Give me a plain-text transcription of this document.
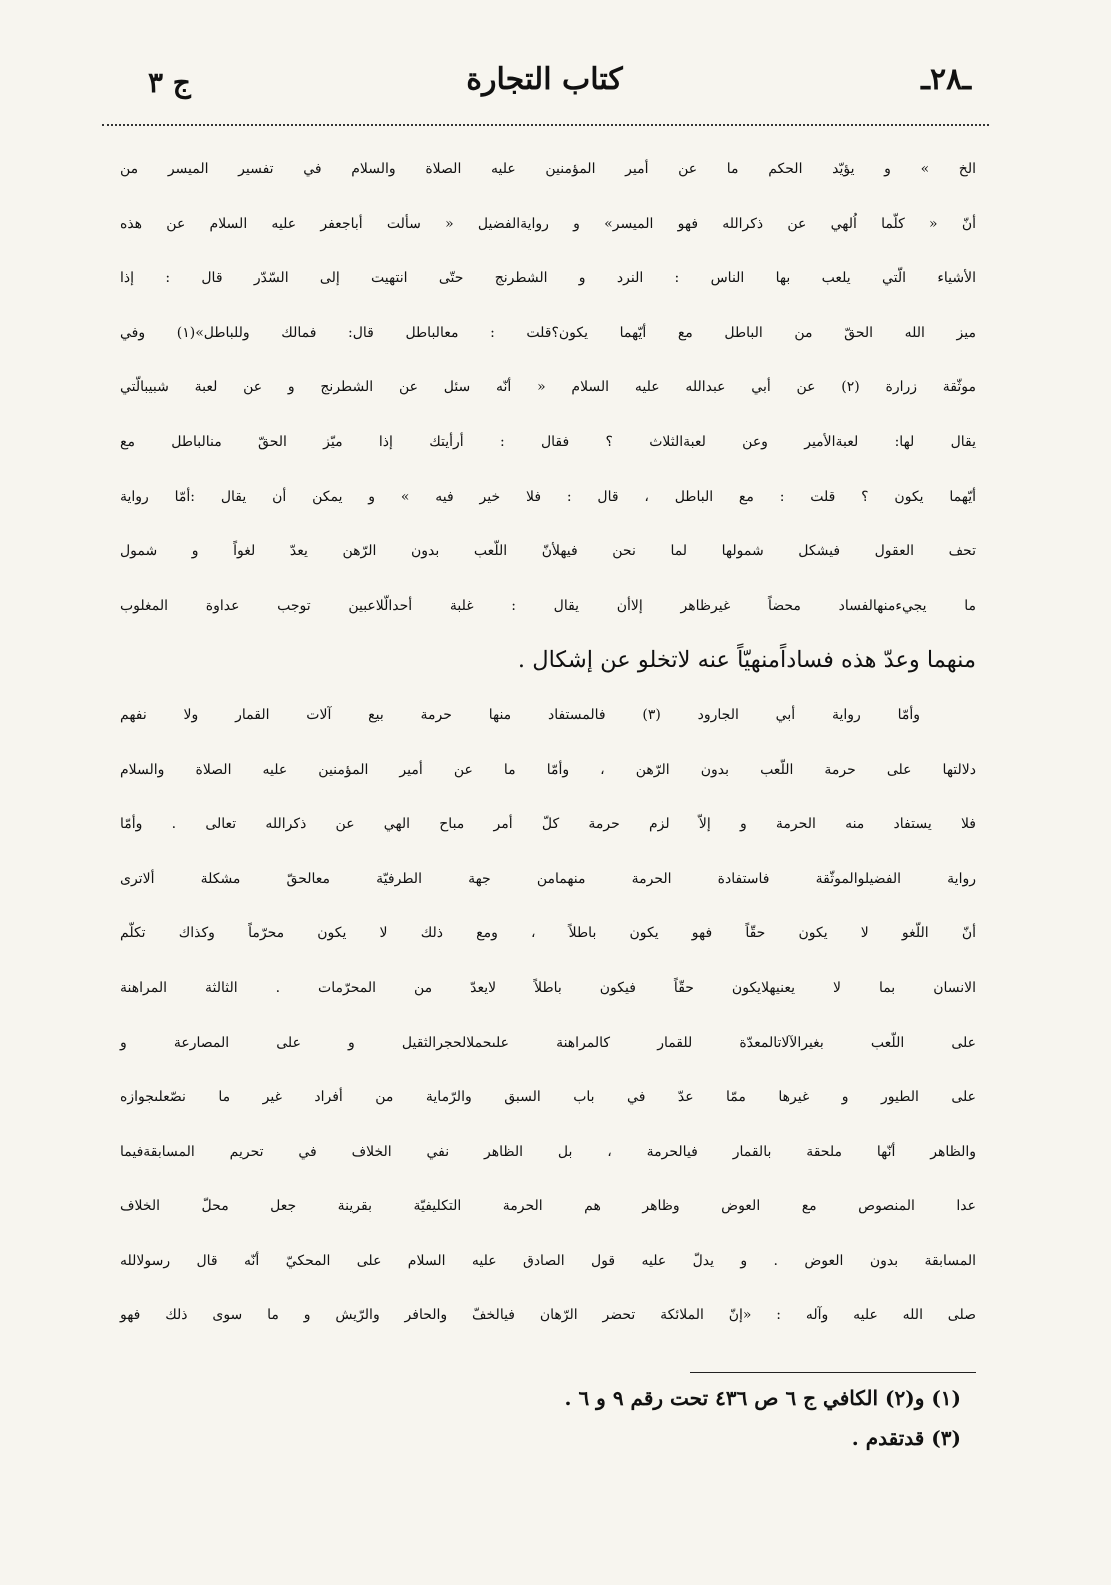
ـ٢٨ـ
كتاب التجارة
ج ٣
الخ » و يؤيّد الحكم ما عن أمير المؤمنين عليه الصلاة والسلام في تفسير الميسر من
أنّ « كلّما اُلهي عن ذكرالله فهو الميسر» و روايةالفضيل « سألت أباجعفر عليه السلام عن هذه
الأشياء الّتي يلعب بها الناس : النرد و الشطرنج حتّى انتهيت إلى السّدّر قال : إذا
ميز الله الحقّ من الباطل مع أيّهما يكون؟قلت : معالباطل قال: فمالك وللباطل»(١) وفي
موثّقة زرارة (٢) عن أبي عبدالله عليه السلام « أنّه سئل عن الشطرنج و عن لعبة شبيبالّتي
يقال لها: لعبةالأمير وعن لعبةالثلاث ؟ فقال : أرأيتك إذا ميّز الحقّ منالباطل مع
أيّهما يكون ؟ قلت : مع الباطل ، قال : فلا خير فيه » و يمكن أن يقال :أمّا رواية
تحف العقول فيشكل شمولها لما نحن فيهلأنّ اللّعب بدون الرّهن يعدّ لغواً و شمول
ما يجيءمنهالفساد محضاً غيرظاهر إلاأن يقال : غلبة أحدالّلاعبين توجب عداوة المغلوب
منهما وعدّ هذه فساداًمنهيّاً عنه لاتخلو عن إشكال .
وأمّا رواية أبي الجارود (٣) فالمستفاد منها حرمة بيع آلات القمار ولا نفهم
دلالتها على حرمة اللّعب بدون الرّهن ، وأمّا ما عن أمير المؤمنين عليه الصلاة والسلام
فلا يستفاد منه الحرمة و إلاّ لزم حرمة كلّ أمر مباح الهي عن ذكرالله تعالى . وأمّا
رواية الفضيلوالموثّقة فاستفادة الحرمة منهمامن جهة الطرفيّة معالحقّ مشكلة ألاترى
أنّ اللّغو لا يكون حقّاً فهو يكون باطلاً ، ومع ذلك لا يكون محرّماً وكذاك تكلّم
الانسان بما لا يعنيهلايكون حقّاً فيكون باطلاً لايعدّ من المحرّمات . الثالثة المراهنة
على اللّعب بغيرالآلاتالمعدّة للقمار كالمراهنة علىحملالحجرالثقيل و على المصارعة و
على الطيور و غيرها ممّا عدّ في باب السبق والرّماية من أفراد غير ما نصّعلىجوازه
والظاهر أنّها ملحقة بالقمار فيالحرمة ، بل الظاهر نفي الخلاف في تحريم المسابقةفيما
عدا المنصوص مع العوض وظاهر هم الحرمة التكليفيّة بقرينة جعل محلّ الخلاف
المسابقة بدون العوض . و يدلّ عليه قول الصادق عليه السلام على المحكيّ أنّه قال رسولالله
صلى الله عليه وآله : «إنّ الملائكة تحضر الرّهان فيالخفّ والحافر والرّيش و ما سوى ذلك فهو
(١) و(٢) الكافي ج ٦ ص ٤٣٦ تحت رقم ٩ و ٦ .
(٣) قدتقدم .
